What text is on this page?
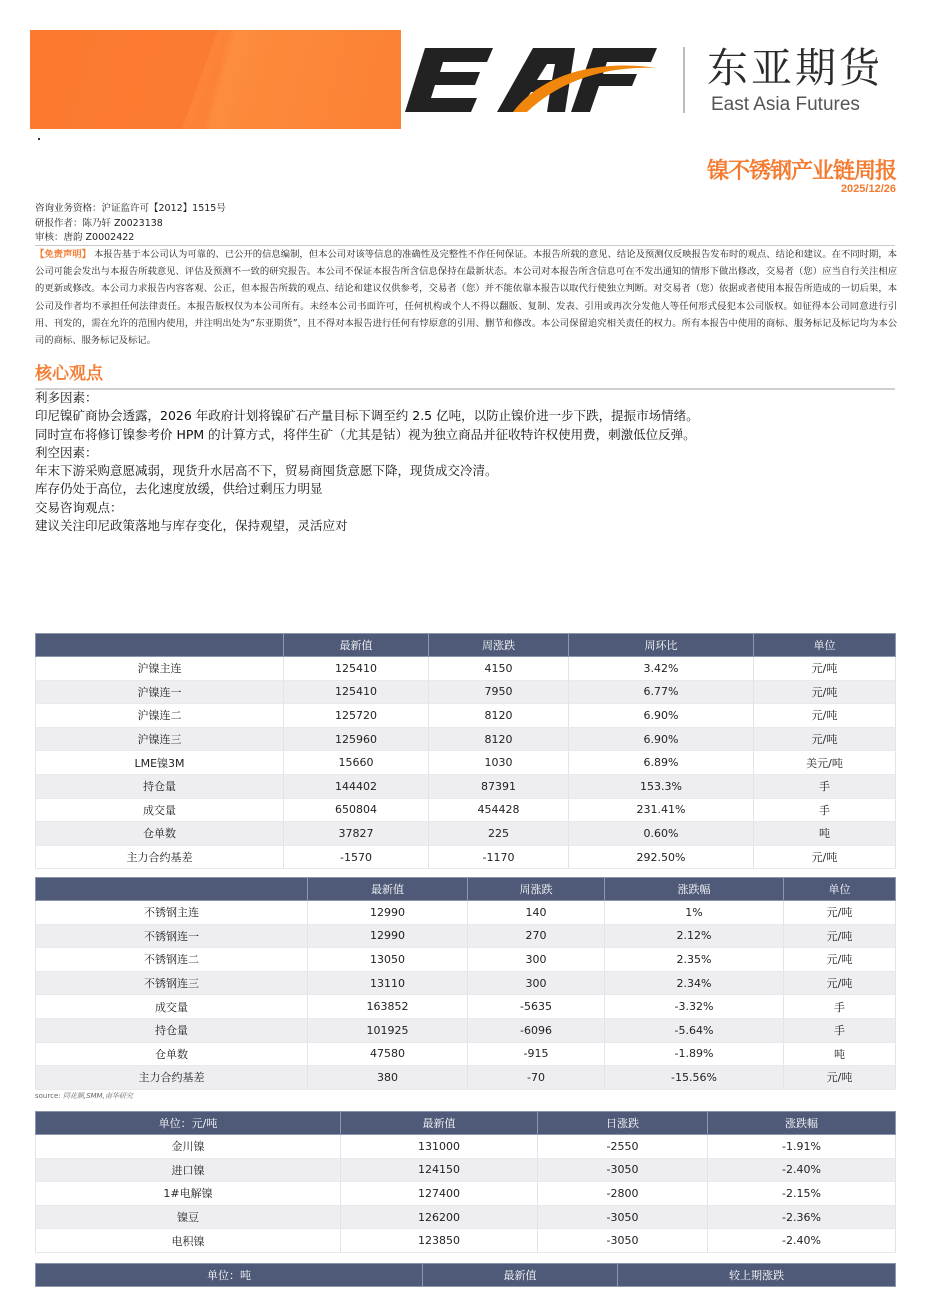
东亚期货
East Asia Futures
镍不锈钢产业链周报
2025/12/26
咨询业务资格：沪证监许可【2012】1515号
研报作者：陈乃轩 Z0023138
审核：唐韵 Z0002422
【免责声明】 本报告基于本公司认为可靠的、已公开的信息编制，但本公司对该等信息的准确性及完整性不作任何保证。本报告所载的意见、结论及预测仅反映报告发布时的观点、结论和建议。在不同时期，本公司可能会发出与本报告所载意见、评估及预测不一致的研究报告。本公司不保证本报告所含信息保持在最新状态。本公司对本报告所含信息可在不发出通知的情形下做出修改，交易者（您）应当自行关注相应的更新或修改。本公司力求报告内容客观、公正，但本报告所载的观点、结论和建议仅供参考，交易者（您）并不能依靠本报告以取代行使独立判断。对交易者（您）依据或者使用本报告所造成的一切后果，本公司及作者均不承担任何法律责任。本报告版权仅为本公司所有。未经本公司书面许可，任何机构或个人不得以翻版、复制、发表、引用或再次分发他人等任何形式侵犯本公司版权。如征得本公司同意进行引用、刊发的，需在允许的范围内使用，并注明出处为“东亚期货”，且不得对本报告进行任何有悖原意的引用、删节和修改。本公司保留追究相关责任的权力。所有本报告中使用的商标、服务标记及标记均为本公司的商标、服务标记及标记。
核心观点
利多因素：
印尼镍矿商协会透露，2026 年政府计划将镍矿石产量目标下调至约 2.5 亿吨，以防止镍价进一步下跌，提振市场情绪。
同时宣布将修订镍参考价 HPM 的计算方式，将伴生矿（尤其是钴）视为独立商品并征收特许权使用费，刺激低位反弹。
利空因素：
年末下游采购意愿减弱，现货升水居高不下，贸易商囤货意愿下降，现货成交冷清。
库存仍处于高位，去化速度放缓，供给过剩压力明显
交易咨询观点：
建议关注印尼政策落地与库存变化，保持观望，灵活应对
	最新值	周涨跌	周环比	单位
沪镍主连	125410	4150	3.42%	元/吨
沪镍连一	125410	7950	6.77%	元/吨
沪镍连二	125720	8120	6.90%	元/吨
沪镍连三	125960	8120	6.90%	元/吨
LME镍3M	15660	1030	6.89%	美元/吨
持仓量	144402	87391	153.3%	手
成交量	650804	454428	231.41%	手
仓单数	37827	225	0.60%	吨
主力合约基差	-1570	-1170	292.50%	元/吨
	最新值	周涨跌	涨跌幅	单位
不锈钢主连	12990	140	1%	元/吨
不锈钢连一	12990	270	2.12%	元/吨
不锈钢连二	13050	300	2.35%	元/吨
不锈钢连三	13110	300	2.34%	元/吨
成交量	163852	-5635	-3.32%	手
持仓量	101925	-6096	-5.64%	手
仓单数	47580	-915	-1.89%	吨
主力合约基差	380	-70	-15.56%	元/吨
source: 同花顺,SMM,南华研究
单位：元/吨	最新值	日涨跌	涨跌幅
金川镍	131000	-2550	-1.91%
进口镍	124150	-3050	-2.40%
1#电解镍	127400	-2800	-2.15%
镍豆	126200	-3050	-2.36%
电积镍	123850	-3050	-2.40%
单位：吨	最新值	较上期涨跌
